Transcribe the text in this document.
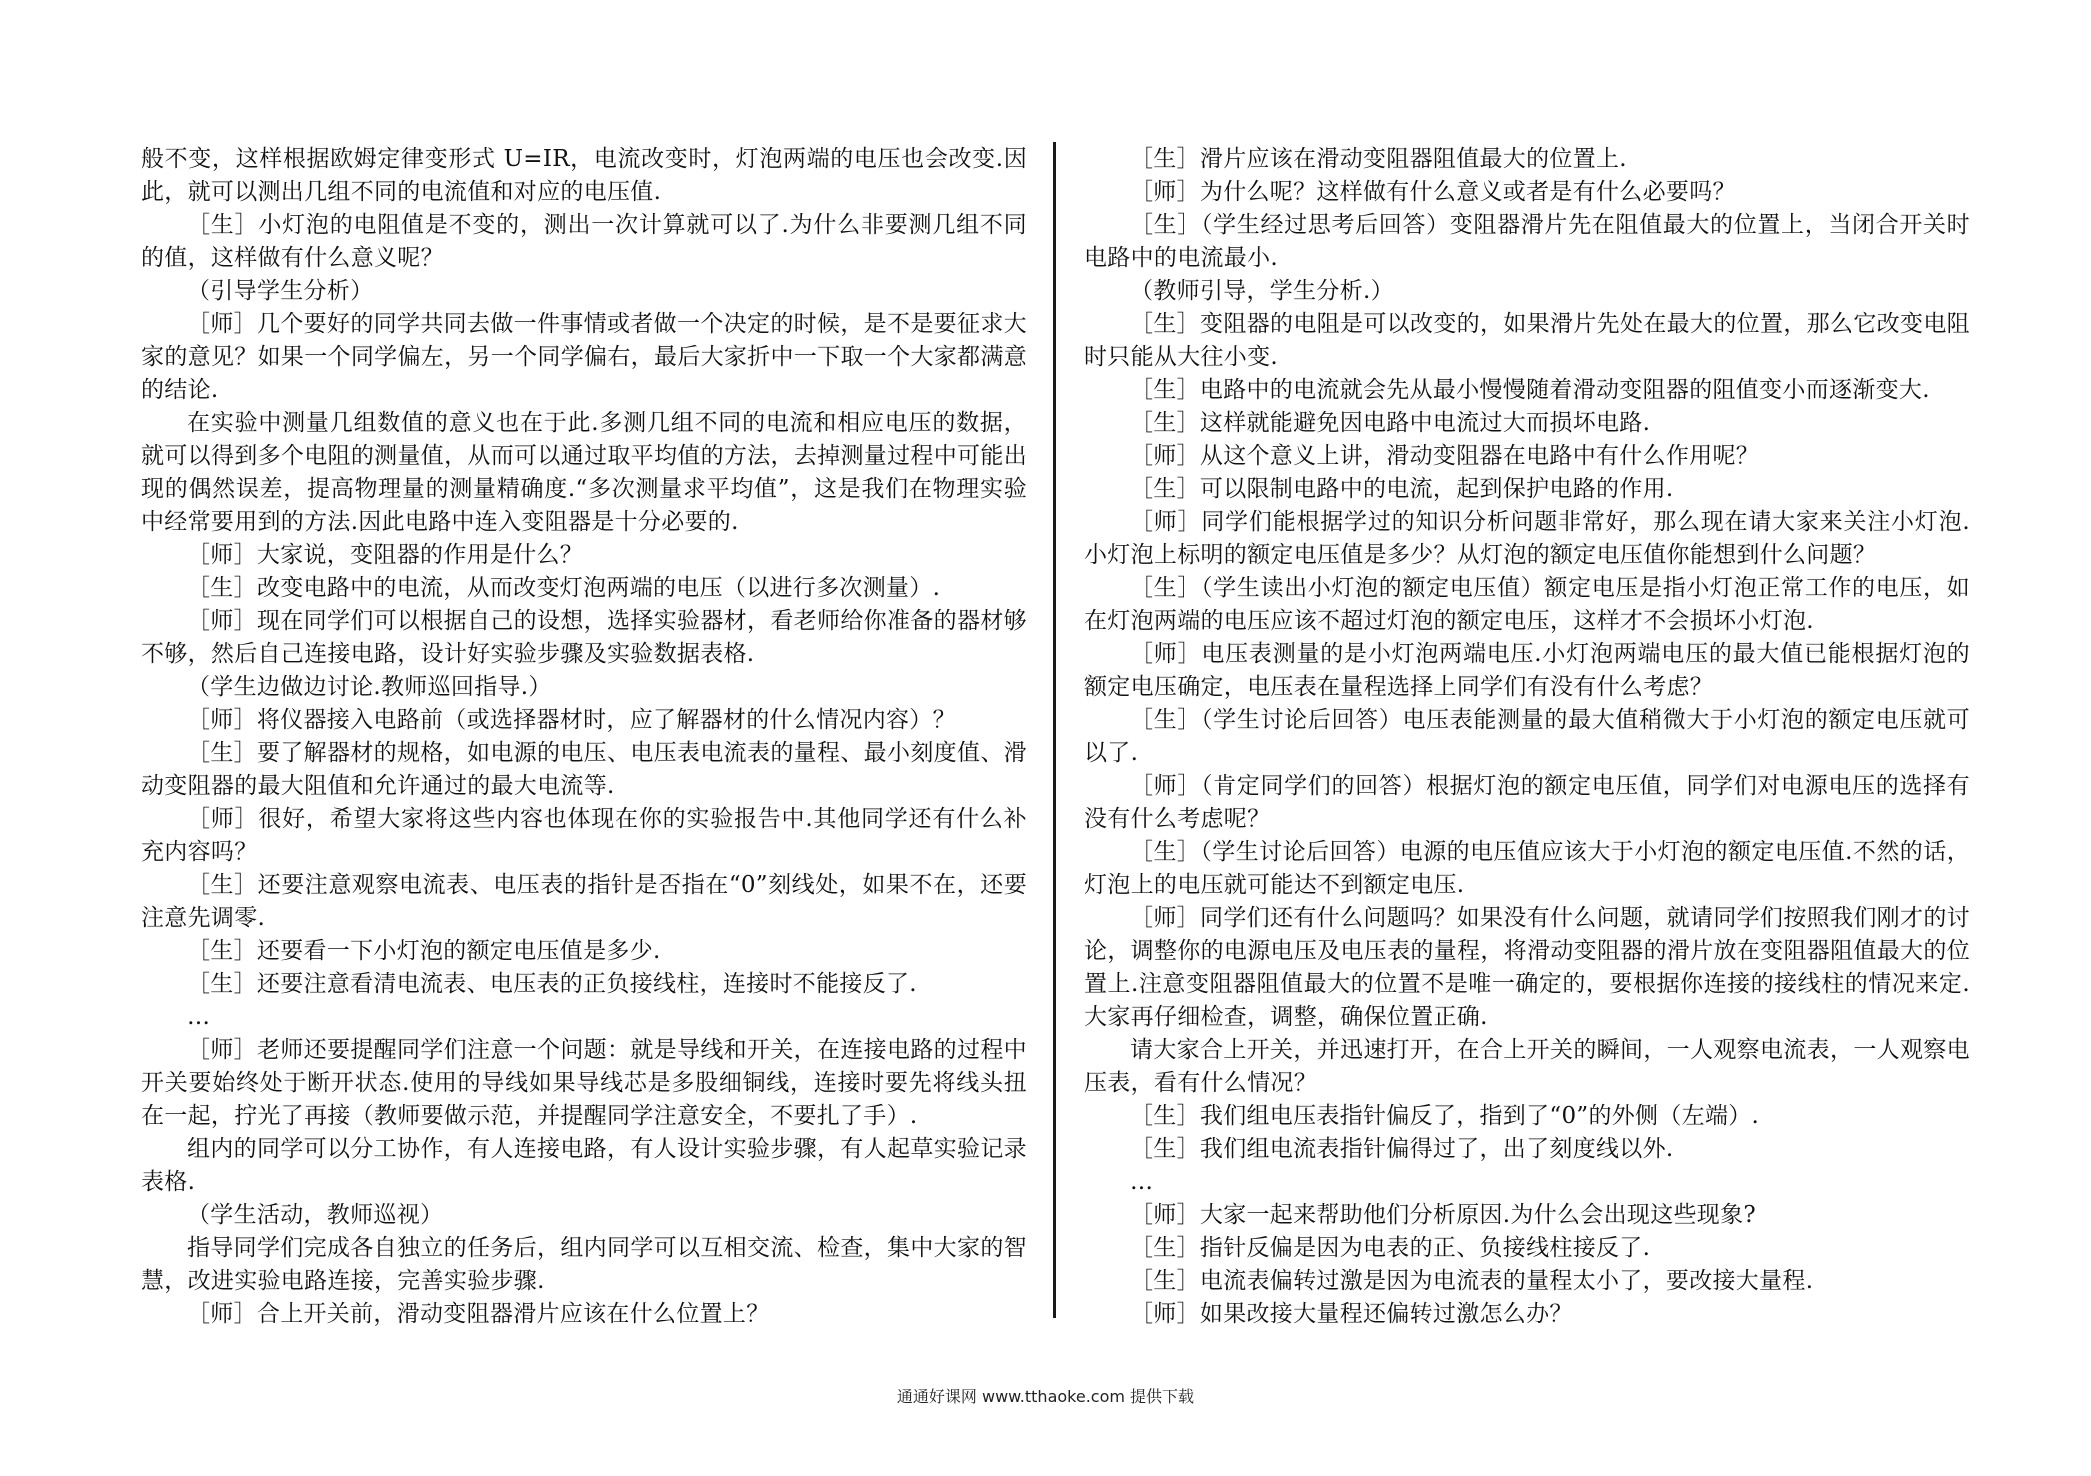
般不变，这样根据欧姆定律变形式 U=IR，电流改变时，灯泡两端的电压也会改变.因此，就可以测出几组不同的电流值和对应的电压值.

［生］小灯泡的电阻值是不变的，测出一次计算就可以了.为什么非要测几组不同的值，这样做有什么意义呢？

（引导学生分析）

［师］几个要好的同学共同去做一件事情或者做一个决定的时候，是不是要征求大家的意见？如果一个同学偏左，另一个同学偏右，最后大家折中一下取一个大家都满意的结论.

在实验中测量几组数值的意义也在于此.多测几组不同的电流和相应电压的数据，就可以得到多个电阻的测量值，从而可以通过取平均值的方法，去掉测量过程中可能出现的偶然误差，提高物理量的测量精确度.“多次测量求平均值”，这是我们在物理实验中经常要用到的方法.因此电路中连入变阻器是十分必要的.

［师］大家说，变阻器的作用是什么？

［生］改变电路中的电流，从而改变灯泡两端的电压（以进行多次测量）.

［师］现在同学们可以根据自己的设想，选择实验器材，看老师给你准备的器材够不够，然后自己连接电路，设计好实验步骤及实验数据表格.

（学生边做边讨论.教师巡回指导.）

［师］将仪器接入电路前（或选择器材时，应了解器材的什么情况内容）？

［生］要了解器材的规格，如电源的电压、电压表电流表的量程、最小刻度值、滑动变阻器的最大阻值和允许通过的最大电流等.

［师］很好，希望大家将这些内容也体现在你的实验报告中.其他同学还有什么补充内容吗？

［生］还要注意观察电流表、电压表的指针是否指在“0”刻线处，如果不在，还要注意先调零.

［生］还要看一下小灯泡的额定电压值是多少.

［生］还要注意看清电流表、电压表的正负接线柱，连接时不能接反了.

…

［师］老师还要提醒同学们注意一个问题：就是导线和开关，在连接电路的过程中开关要始终处于断开状态.使用的导线如果导线芯是多股细铜线，连接时要先将线头扭在一起，拧光了再接（教师要做示范，并提醒同学注意安全，不要扎了手）.

组内的同学可以分工协作，有人连接电路，有人设计实验步骤，有人起草实验记录表格.

（学生活动，教师巡视）

指导同学们完成各自独立的任务后，组内同学可以互相交流、检查，集中大家的智慧，改进实验电路连接，完善实验步骤.

［师］合上开关前，滑动变阻器滑片应该在什么位置上？

［生］滑片应该在滑动变阻器阻值最大的位置上.

［师］为什么呢？这样做有什么意义或者是有什么必要吗？

［生］（学生经过思考后回答）变阻器滑片先在阻值最大的位置上，当闭合开关时电路中的电流最小.

（教师引导，学生分析.）

［生］变阻器的电阻是可以改变的，如果滑片先处在最大的位置，那么它改变电阻时只能从大往小变.

［生］电路中的电流就会先从最小慢慢随着滑动变阻器的阻值变小而逐渐变大.

［生］这样就能避免因电路中电流过大而损坏电路.

［师］从这个意义上讲，滑动变阻器在电路中有什么作用呢？

［生］可以限制电路中的电流，起到保护电路的作用.

［师］同学们能根据学过的知识分析问题非常好，那么现在请大家来关注小灯泡.小灯泡上标明的额定电压值是多少？从灯泡的额定电压值你能想到什么问题？

［生］（学生读出小灯泡的额定电压值）额定电压是指小灯泡正常工作的电压，如在灯泡两端的电压应该不超过灯泡的额定电压，这样才不会损坏小灯泡.

［师］电压表测量的是小灯泡两端电压.小灯泡两端电压的最大值已能根据灯泡的额定电压确定，电压表在量程选择上同学们有没有什么考虑？

［生］（学生讨论后回答）电压表能测量的最大值稍微大于小灯泡的额定电压就可以了.

［师］（肯定同学们的回答）根据灯泡的额定电压值，同学们对电源电压的选择有没有什么考虑呢？

［生］（学生讨论后回答）电源的电压值应该大于小灯泡的额定电压值.不然的话，灯泡上的电压就可能达不到额定电压.

［师］同学们还有什么问题吗？如果没有什么问题，就请同学们按照我们刚才的讨论，调整你的电源电压及电压表的量程，将滑动变阻器的滑片放在变阻器阻值最大的位置上.注意变阻器阻值最大的位置不是唯一确定的，要根据你连接的接线柱的情况来定.大家再仔细检查，调整，确保位置正确.

请大家合上开关，并迅速打开，在合上开关的瞬间，一人观察电流表，一人观察电压表，看有什么情况？

［生］我们组电压表指针偏反了，指到了“0”的外侧（左端）.

［生］我们组电流表指针偏得过了，出了刻度线以外.

…

［师］大家一起来帮助他们分析原因.为什么会出现这些现象?

［生］指针反偏是因为电表的正、负接线柱接反了.

［生］电流表偏转过激是因为电流表的量程太小了，要改接大量程.

［师］如果改接大量程还偏转过激怎么办？

通通好课网 www.tthaoke.com 提供下载
